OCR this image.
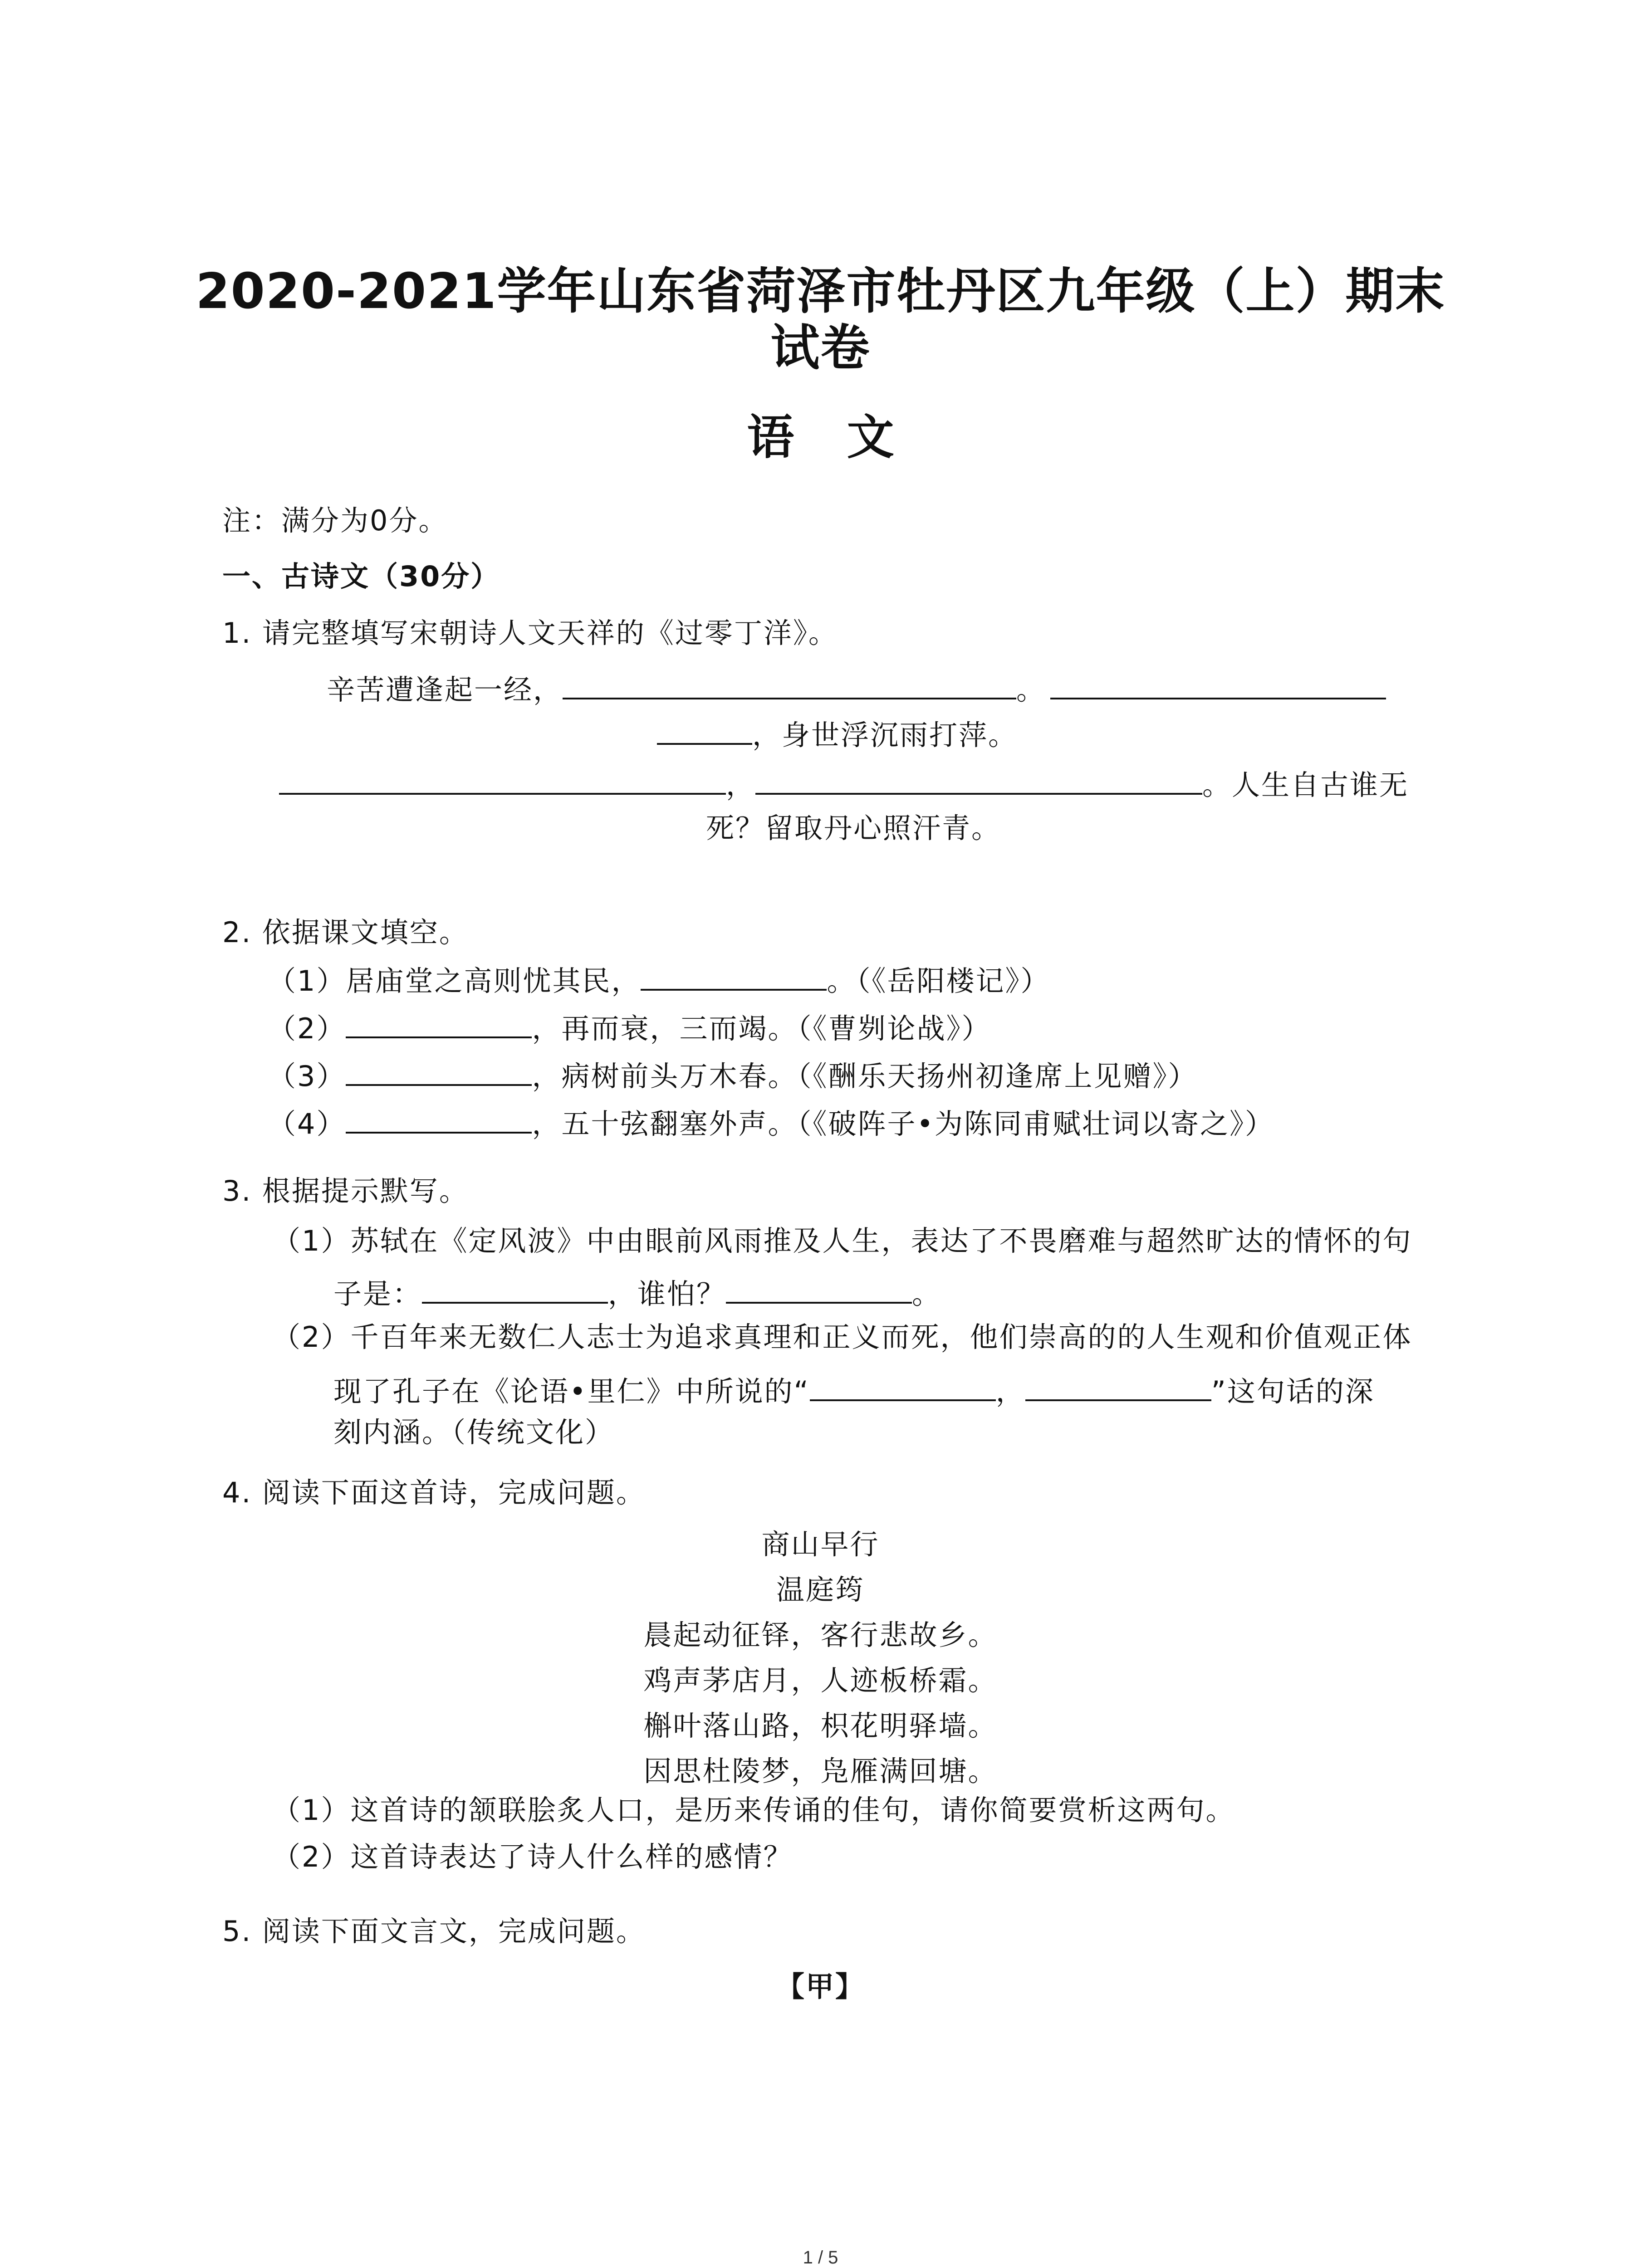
2020-2021学年山东省菏泽市牡丹区九年级（上）期末
试卷
语 文
注：满分为0分。
一、古诗文（30分）
1. 请完整填写宋朝诗人文天祥的《过零丁洋》。
辛苦遭逢起一经，	。
，身世浮沉雨打萍。
，	。人生自古谁无
死？留取丹心照汗青。
2. 依据课文填空。
（1）居庙堂之高则忧其民，	。（《岳阳楼记》）
（2）	，再而衰，三而竭。（《曹刿论战》）
（3）	，病树前头万木春。（《酬乐天扬州初逢席上见赠》）
（4）	，五十弦翻塞外声。（《破阵子•为陈同甫赋壮词以寄之》）
3. 根据提示默写。
（1）苏轼在《定风波》中由眼前风雨推及人生，表达了不畏磨难与超然旷达的情怀的句
子是：	，谁怕？	。
（2）千百年来无数仁人志士为追求真理和正义而死，他们崇高的的人生观和价值观正体
现了孔子在《论语•里仁》中所说的“	，	”这句话的深
刻内涵。（传统文化）
4. 阅读下面这首诗，完成问题。
商山早行
温庭筠
晨起动征铎，客行悲故乡。
鸡声茅店月，人迹板桥霜。
槲叶落山路，枳花明驿墙。
因思杜陵梦，凫雁满回塘。
（1）这首诗的颔联脍炙人口，是历来传诵的佳句，请你简要赏析这两句。
（2）这首诗表达了诗人什么样的感情？
5. 阅读下面文言文，完成问题。
【甲】
1 / 5
